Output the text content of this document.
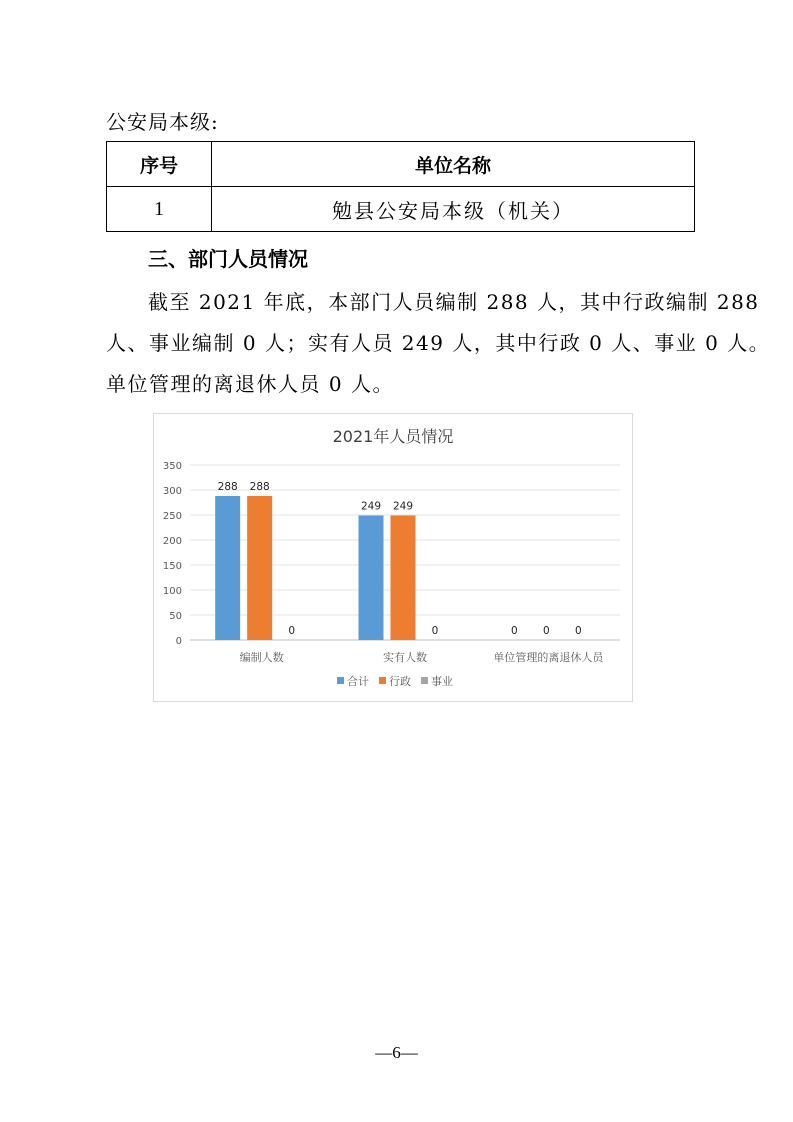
公安局本级:
序号	单位名称
1	勉县公安局本级（机关）
三、部门人员情况
截至 2021 年底，本部门人员编制 288 人，其中行政编制 288
人、事业编制 0 人；实有人员 249 人，其中行政 0 人、事业 0 人。
单位管理的离退休人员 0 人。
2021年人员情况
0
50
100
150
200
250
300
350
288 288
0
编制人数
249 249
0
实有人数
0 0 0
单位管理的离退休人员
合计 行政 事业
—6—
